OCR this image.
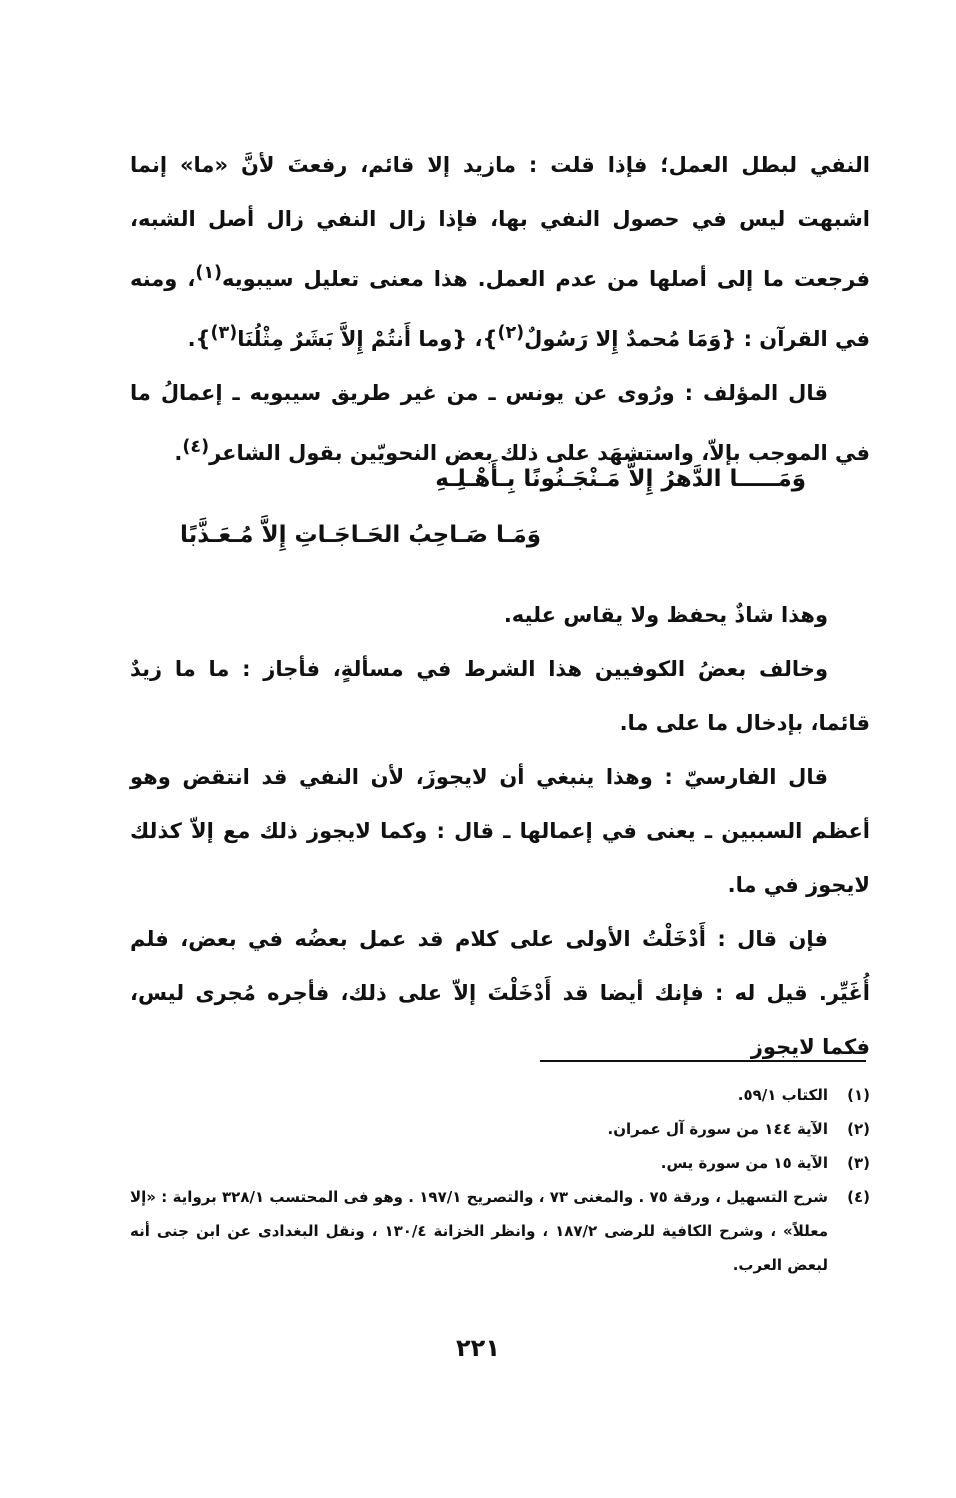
النفي لبطل العمل؛ فإذا قلت : مازيد إلا قائم، رفعتَ لأنَّ «ما» إنما اشبهت ليس في حصول النفي بها، فإذا زال النفي زال أصل الشبه، فرجعت ما إلى أصلها من عدم العمل. هذا معنى تعليل سيبويه$^{(١)}$، ومنه في القرآن : {وَمَا مُحمدٌ إِلا رَسُولٌ$^{(٢)}$}، {وما أَنتُمْ إِلاَّ بَشَرٌ مِثْلُنَا$^{(٣)}$}.

قال المؤلف : ورُوى عن يونس ـ من غير طريق سيبويه ـ إعمالُ ما في الموجب بإلاّ، واستشهَد على ذلك بعض النحويّين بقول الشاعر$^{(٤)}$.

وهذا شاذٌ يحفظ ولا يقاس عليه.

وخالف بعضُ الكوفيين هذا الشرط في مسألةٍ، فأجاز : ما ما زيدٌ قائما، بإدخال ما على ما.

قال الفارسيّ : وهذا ينبغي أن لايجوزَ، لأن النفي قد انتقض وهو أعظم السببين ـ يعنى في إعمالها ـ قال : وكما لايجوز ذلك مع إلاّ كذلك لايجوز في ما.

فإن قال : أَدْخَلْتُ الأولى على كلام قد عمل بعضُه في بعض، فلم أُغَيِّر. قيل له : فإنك أيضا قد أَدْخَلْتَ إلاّ على ذلك، فأجره مُجرى ليس، فكما لايجوز

وَمَـــــا الدَّهرُ إِلاَّ مَـنْجَـنُونًا بِـأَهْـلِـهِ
وَمَـا صَـاحِبُ الحَـاجَـاتِ إِلاَّ مُـعَـذَّبًا
(١)
الكتاب ٥٩/١.
(٢)
الآية ١٤٤ من سورة آل عمران.
(٣)
الآية ١٥ من سورة يس.
(٤)
شرح التسهيل ، ورقة ٧٥ . والمغنى ٧٣ ، والتصريح ١٩٧/١ . وهو فى المحتسب ٣٢٨/١ برواية : «إلا معللاً» ، وشرح الكافية للرضى ١٨٧/٢ ، وانظر الخزانة ١٣٠/٤ ، ونقل البغدادى عن ابن جنى أنه لبعض العرب.
٢٢١
